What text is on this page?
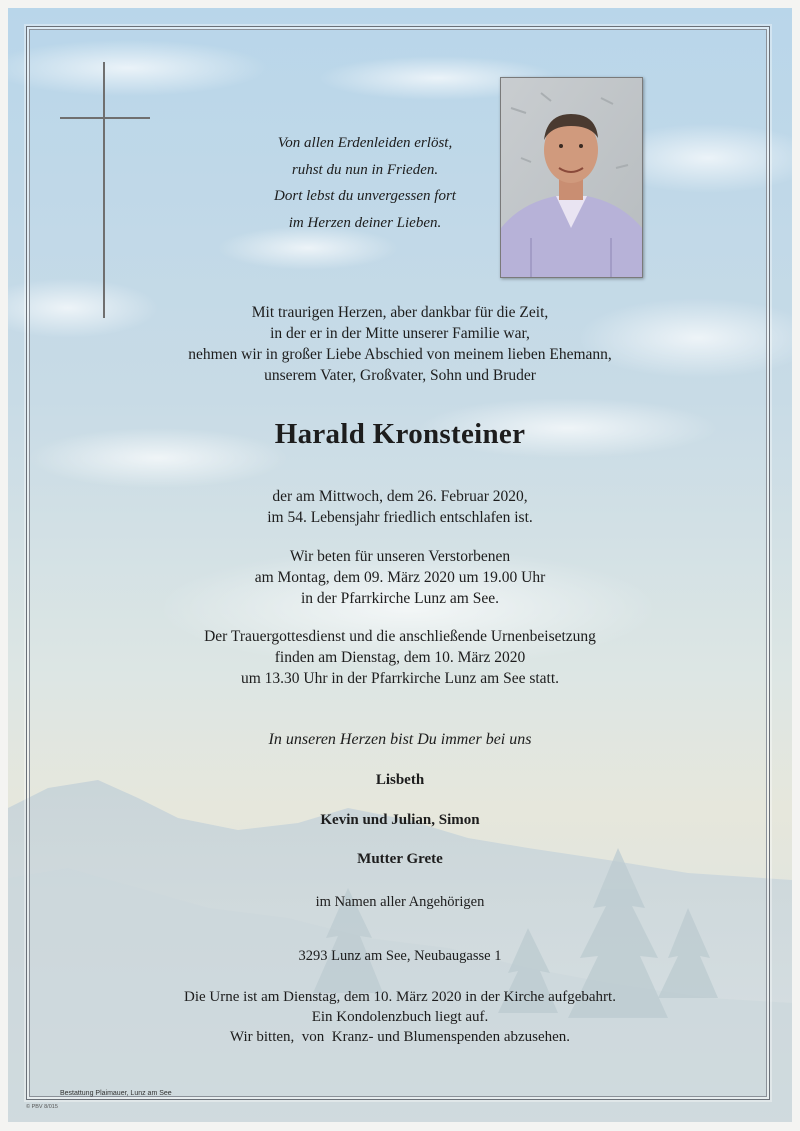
Von allen Erdenleiden erlöst,
ruhst du nun in Frieden.
Dort lebst du unvergessen fort
im Herzen deiner Lieben.
Mit traurigen Herzen, aber dankbar für die Zeit,
in der er in der Mitte unserer Familie war,
nehmen wir in großer Liebe Abschied von meinem lieben Ehemann,
unserem Vater, Großvater, Sohn und Bruder
Harald Kronsteiner
der am Mittwoch, dem 26. Februar 2020,
im 54. Lebensjahr friedlich entschlafen ist.
Wir beten für unseren Verstorbenen
am Montag, dem 09. März 2020 um 19.00 Uhr
in der Pfarrkirche Lunz am See.
Der Trauergottesdienst und die anschließende Urnenbeisetzung
finden am Dienstag, dem 10. März 2020
um 13.30 Uhr in der Pfarrkirche Lunz am See statt.
In unseren Herzen bist Du immer bei uns
Lisbeth
Kevin und Julian, Simon
Mutter Grete
im Namen aller Angehörigen
3293 Lunz am See, Neubaugasse 1
Die Urne ist am Dienstag, dem 10. März 2020 in der Kirche aufgebahrt.
Ein Kondolenzbuch liegt auf.
Wir bitten,  von  Kranz- und Blumenspenden abzusehen.
Bestattung Plaimauer, Lunz am See
© PBV 8/015
